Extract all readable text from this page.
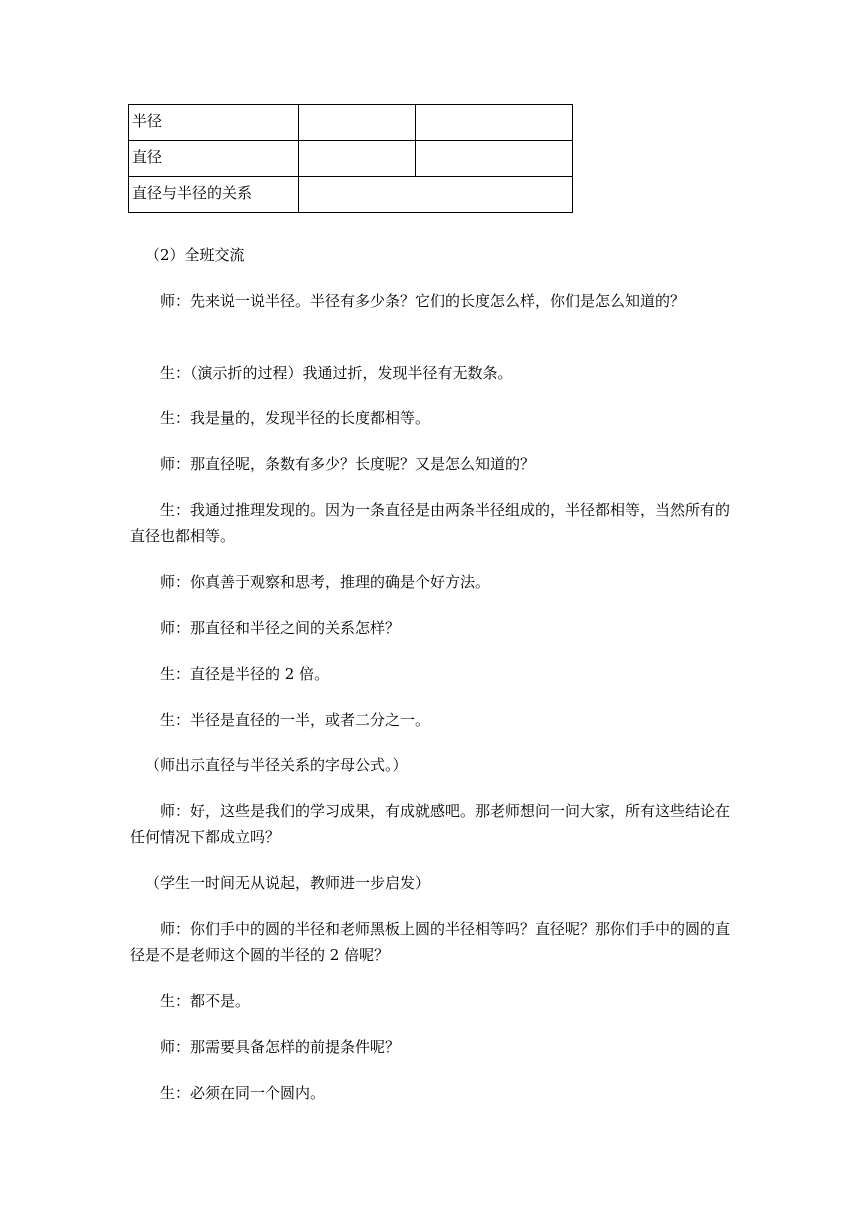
半径		
直径		
直径与半径的关系		

（2）全班交流

师：先来说一说半径。半径有多少条？它们的长度怎么样，你们是怎么知道的？

生：（演示折的过程）我通过折，发现半径有无数条。

生：我是量的，发现半径的长度都相等。

师：那直径呢，条数有多少？长度呢？又是怎么知道的？

生：我通过推理发现的。因为一条直径是由两条半径组成的，半径都相等，当然所有的直径也都相等。

师：你真善于观察和思考，推理的确是个好方法。

师：那直径和半径之间的关系怎样？

生：直径是半径的 2 倍。

生：半径是直径的一半，或者二分之一。

（师出示直径与半径关系的字母公式。）

师：好，这些是我们的学习成果，有成就感吧。那老师想问一问大家，所有这些结论在任何情况下都成立吗？

（学生一时间无从说起，教师进一步启发）

师：你们手中的圆的半径和老师黑板上圆的半径相等吗？直径呢？那你们手中的圆的直径是不是老师这个圆的半径的 2 倍呢？

生：都不是。

师：那需要具备怎样的前提条件呢？

生：必须在同一个圆内。
